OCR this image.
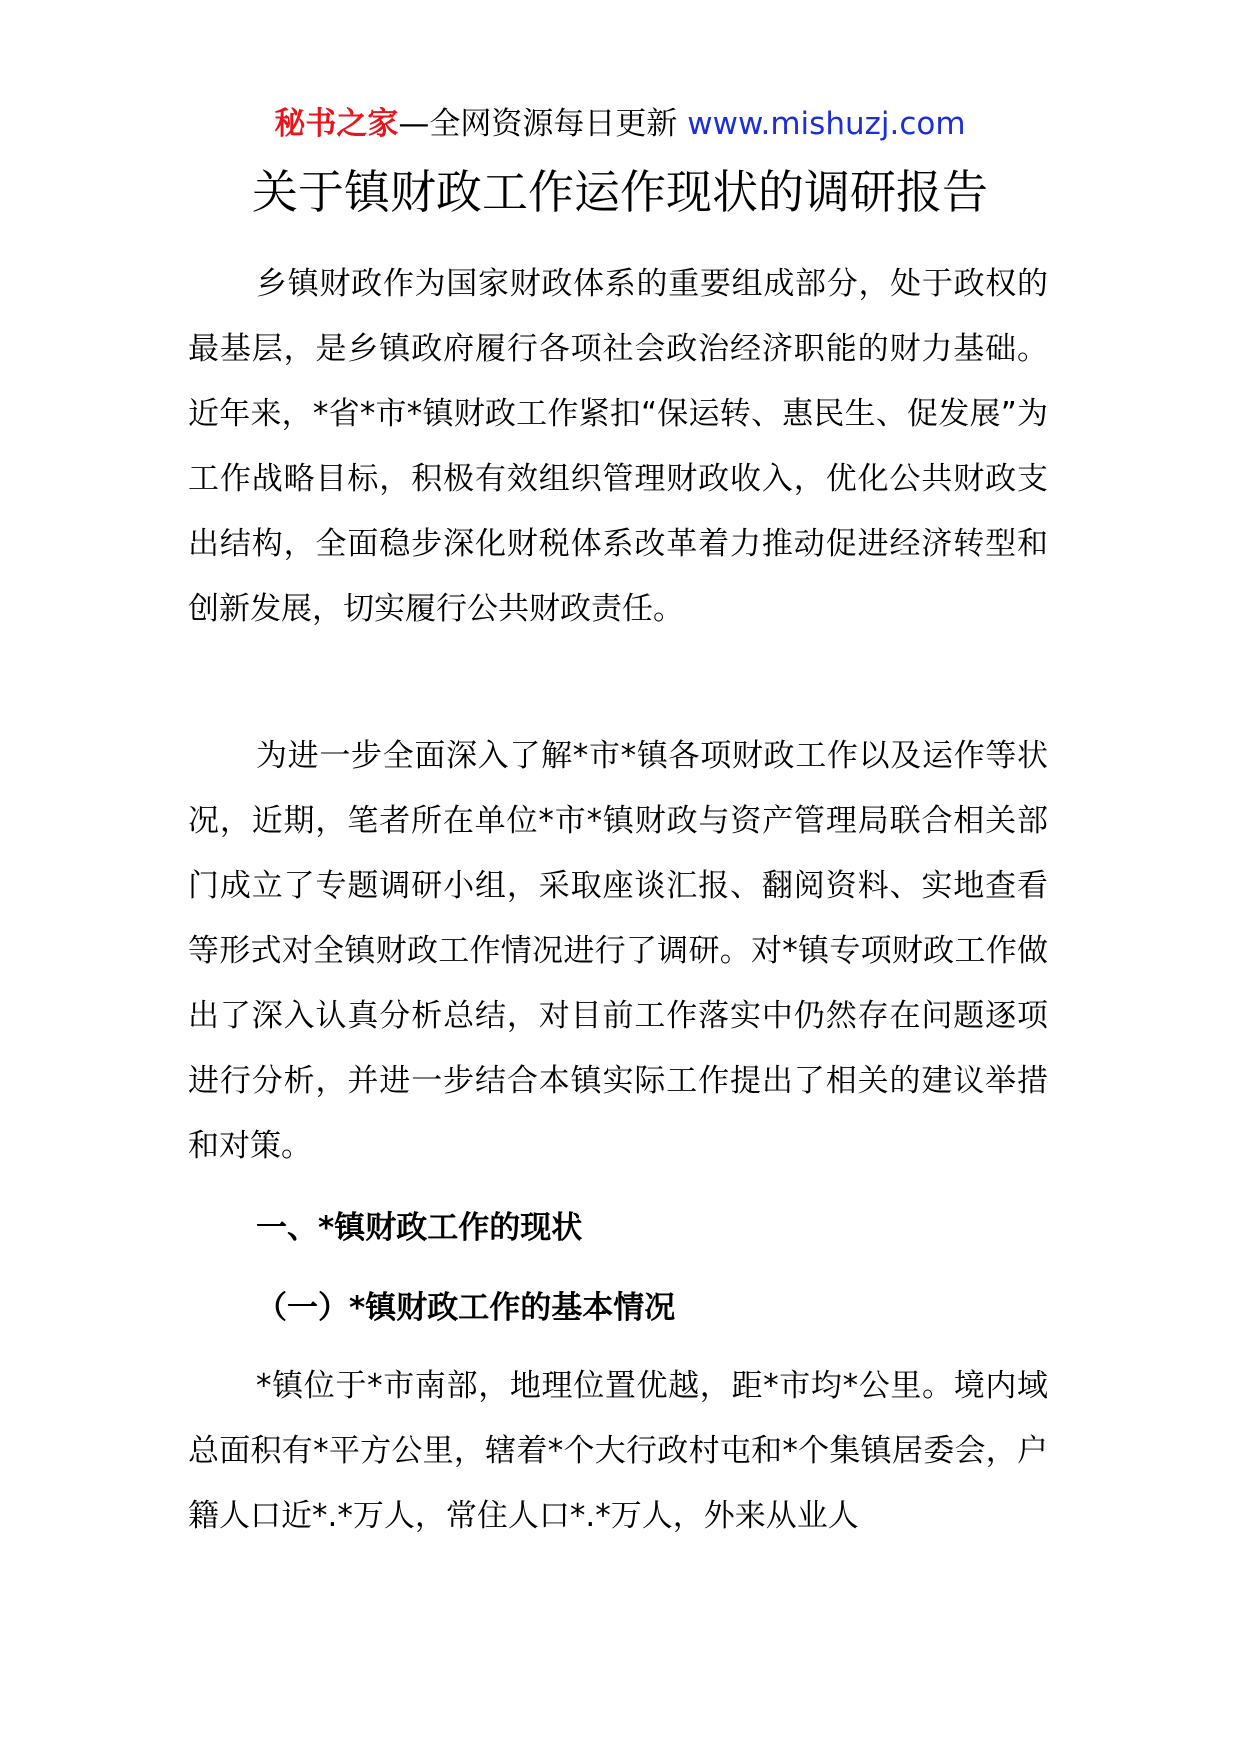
秘书之家—全网资源每日更新 www.mishuzj.com
关于镇财政工作运作现状的调研报告

乡镇财政作为国家财政体系的重要组成部分，处于政权的最基层，是乡镇政府履行各项社会政治经济职能的财力基础。近年来，*省*市*镇财政工作紧扣“保运转、惠民生、促发展”为工作战略目标，积极有效组织管理财政收入，优化公共财政支出结构，全面稳步深化财税体系改革着力推动促进经济转型和创新发展，切实履行公共财政责任。

为进一步全面深入了解*市*镇各项财政工作以及运作等状况，近期，笔者所在单位*市*镇财政与资产管理局联合相关部门成立了专题调研小组，采取座谈汇报、翻阅资料、实地查看等形式对全镇财政工作情况进行了调研。对*镇专项财政工作做出了深入认真分析总结，对目前工作落实中仍然存在问题逐项进行分析，并进一步结合本镇实际工作提出了相关的建议举措和对策。

一、*镇财政工作的现状
（一）*镇财政工作的基本情况

*镇位于*市南部，地理位置优越，距*市均*公里。境内域总面积有*平方公里，辖着*个大行政村屯和*个集镇居委会，户籍人口近*.*万人，常住人口*.*万人，外来从业人
